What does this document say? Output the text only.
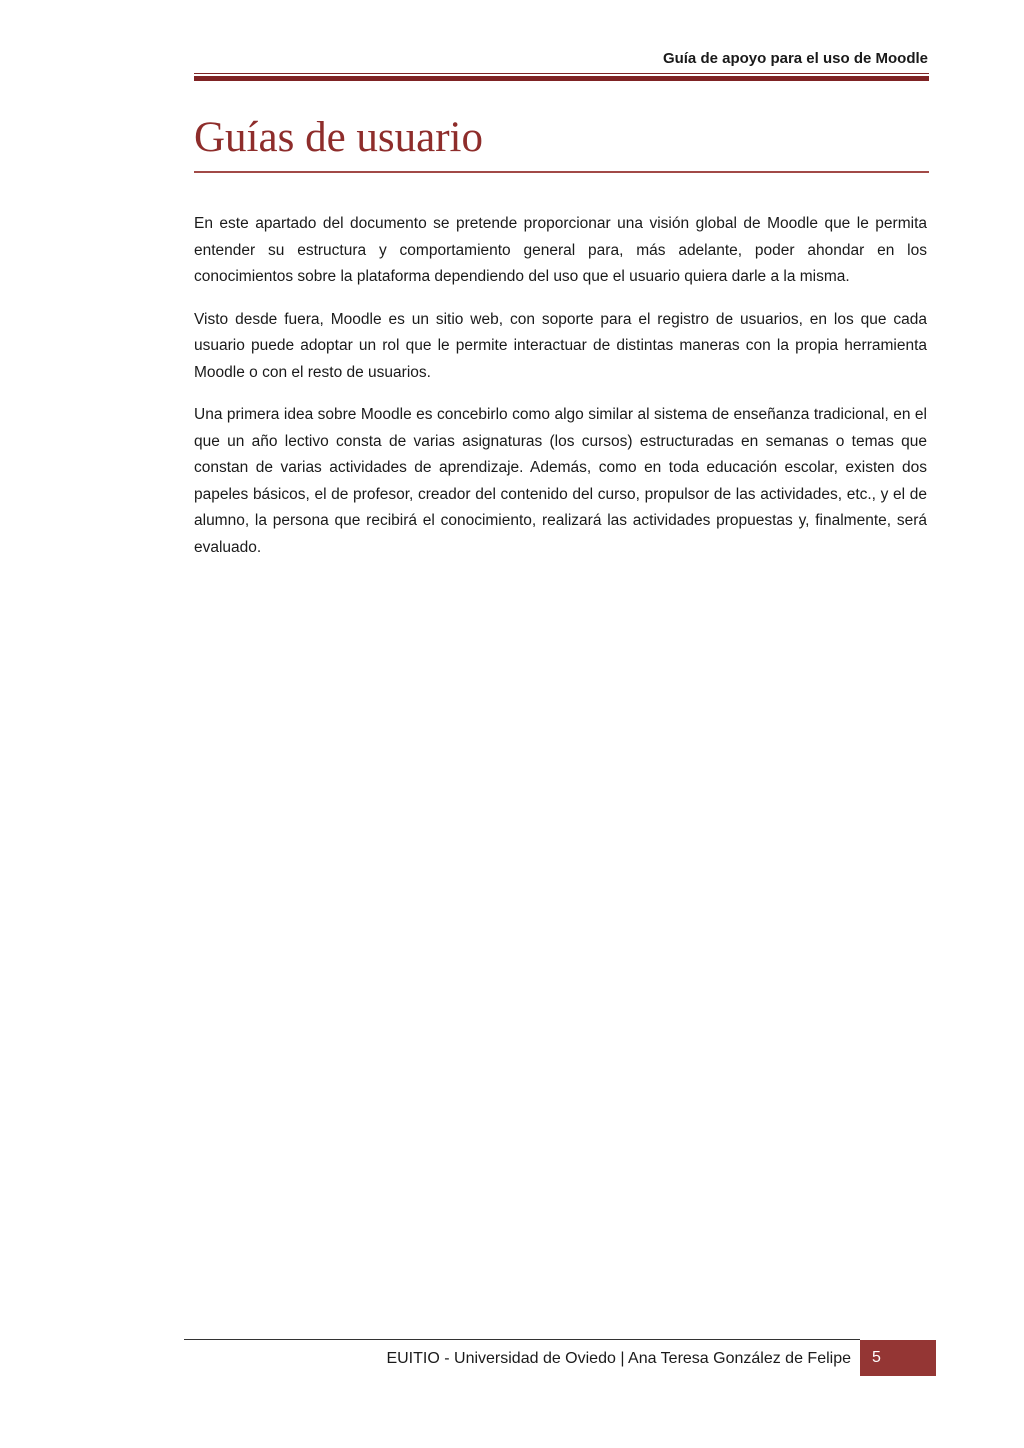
Guía de apoyo para el uso de Moodle
Guías de usuario

En este apartado del documento se pretende proporcionar una visión global de Moodle que le permita entender su estructura y comportamiento general para, más adelante, poder ahondar en los conocimientos sobre la plataforma dependiendo del uso que el usuario quiera darle a la misma.

Visto desde fuera, Moodle es un sitio web, con soporte para el registro de usuarios, en los que cada usuario puede adoptar un rol que le permite interactuar de distintas maneras con la propia herramienta Moodle o con el resto de usuarios.

Una primera idea sobre Moodle es concebirlo como algo similar al sistema de enseñanza tradicional, en el que un año lectivo consta de varias asignaturas (los cursos) estructuradas en semanas o temas que constan de varias actividades de aprendizaje. Además, como en toda educación escolar, existen dos papeles básicos, el de profesor, creador del contenido del curso, propulsor de las actividades, etc., y el de alumno, la persona que recibirá el conocimiento, realizará las actividades propuestas y, finalmente, será evaluado.

EUITIO - Universidad de Oviedo | Ana Teresa González de Felipe 5
